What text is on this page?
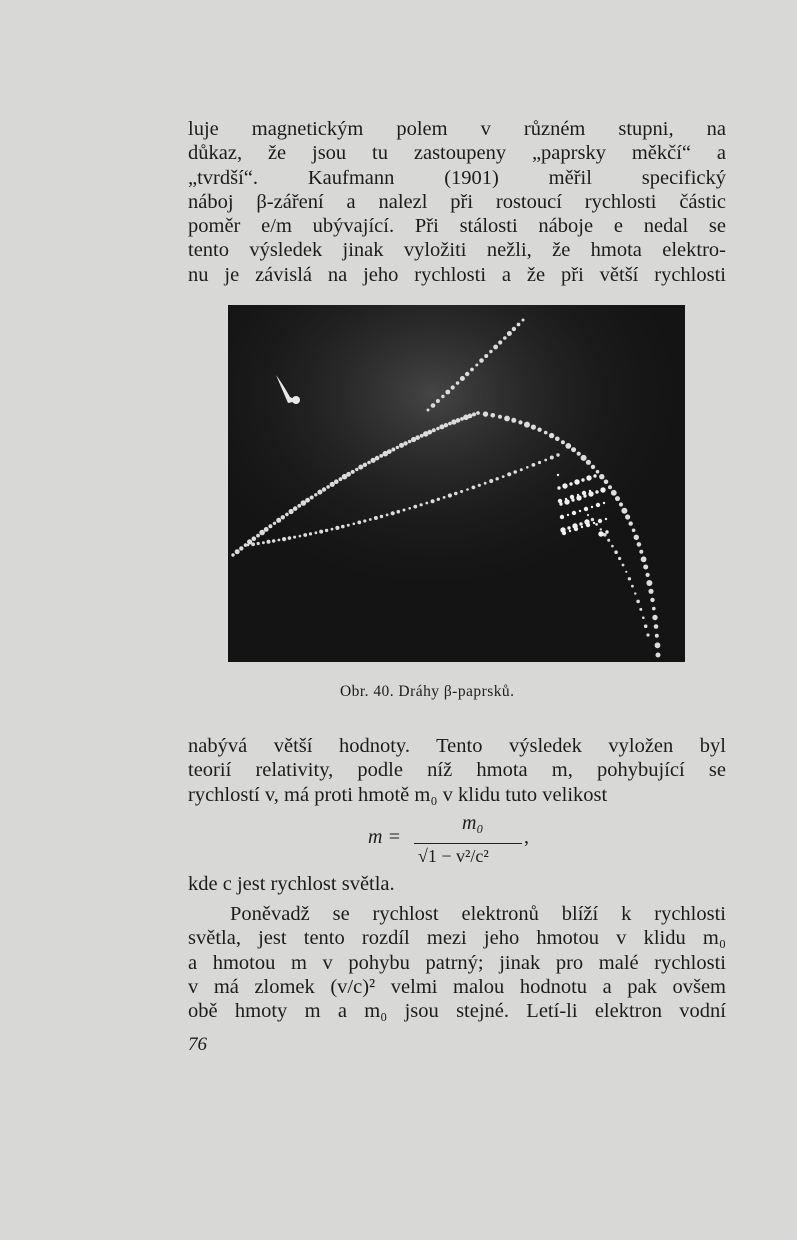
luje magnetickým polem v různém stupni, na

důkaz, že jsou tu zastoupeny „paprsky měkčí“ a

„tvrdší“. Kaufmann (1901) měřil specifický

náboj β-záření a nalezl při rostoucí rychlosti částic

poměr e/m ubývající. Při stálosti náboje e nedal se

tento výsledek jinak vyložiti nežli, že hmota elektro-

nu je závislá na jeho rychlosti a že při větší rychlosti

Obr. 40. Dráhy β-paprsků.

nabývá větší hodnoty. Tento výsledek vyložen byl

teorií relativity, podle níž hmota m, pohybující se

rychlostí v, má proti hmotě m₀ v klidu tuto velikost

m =
m₀
√1 − v²/c²
,

kde c jest rychlost světla.

Poněvadž se rychlost elektronů blíží k rychlosti

světla, jest tento rozdíl mezi jeho hmotou v klidu m₀

a hmotou m v pohybu patrný; jinak pro malé rychlosti

v má zlomek (v/c)² velmi malou hodnotu a pak ovšem

obě hmoty m a m₀ jsou stejné. Letí-li elektron vodní

76
